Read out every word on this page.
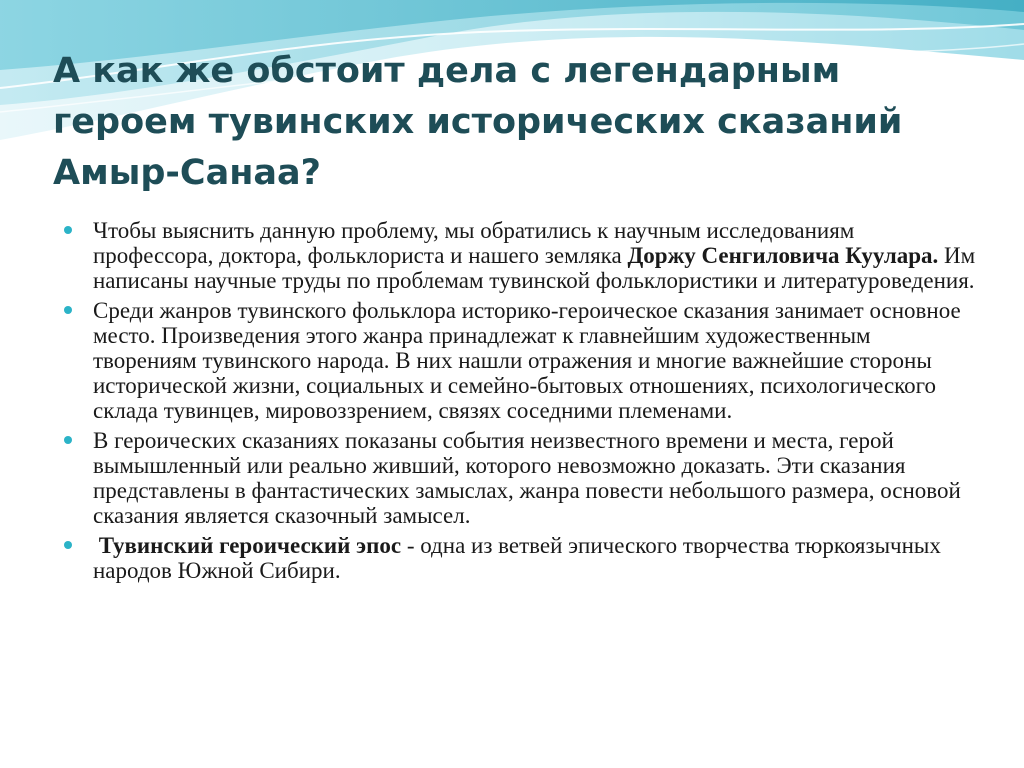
А как же обстоит дела с легендарным героем тувинских исторических сказаний Амыр-Санаа?
Чтобы выяснить данную проблему, мы обратились к научным исследованиям профессора, доктора, фольклориста и нашего земляка Доржу Сенгиловича Куулара. Им написаны научные труды по проблемам тувинской фольклористики и литературоведения.
Среди жанров тувинского фольклора историко-героическое сказания занимает основное место. Произведения этого жанра принадлежат к главнейшим художественным творениям тувинского народа. В них нашли отражения и многие важнейшие стороны исторической жизни, социальных и семейно-бытовых отношениях, психологического склада тувинцев, мировоззрением, связях соседними племенами.
В героических сказаниях показаны события неизвестного времени и места, герой вымышленный или реально живший, которого невозможно доказать. Эти сказания представлены в фантастических замыслах, жанра повести небольшого размера, основой сказания является сказочный замысел.
Тувинский героический эпос - одна из ветвей эпического творчества тюркоязычных народов Южной Сибири.
